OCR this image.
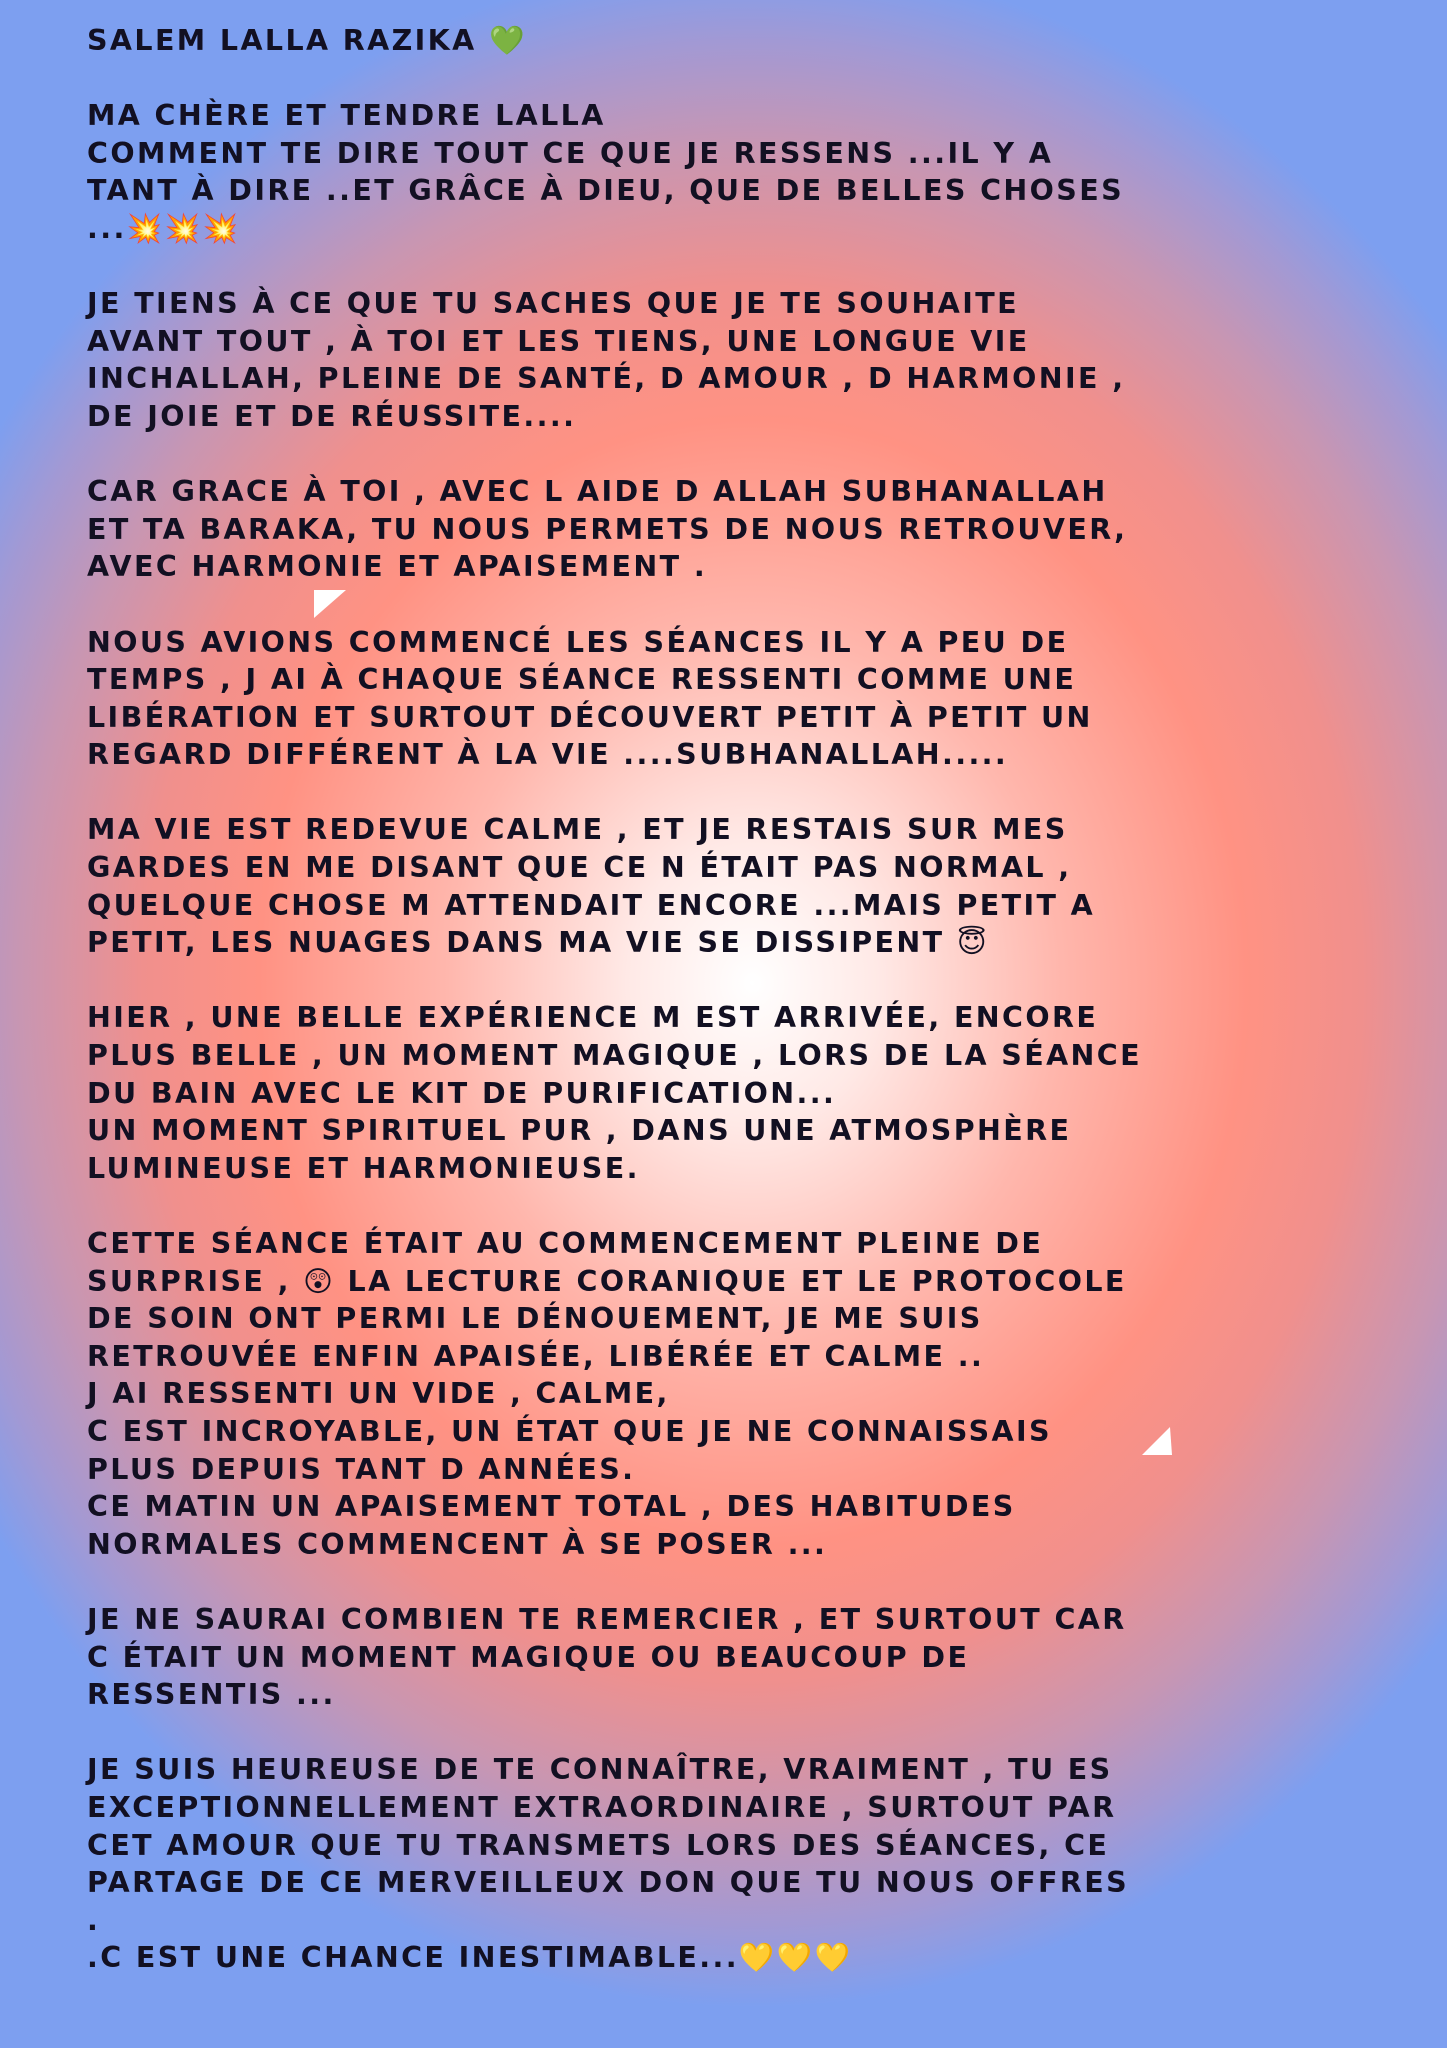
SALEM LALLA RAZIKA 💚
MA CHÈRE ET TENDRE LALLA
COMMENT TE DIRE TOUT CE QUE JE RESSENS ...IL Y A
TANT À DIRE ..ET GRÂCE À DIEU, QUE DE BELLES CHOSES
...💥💥💥
JE TIENS À CE QUE TU SACHES QUE JE TE SOUHAITE
AVANT TOUT , À TOI ET LES TIENS, UNE LONGUE VIE
INCHALLAH, PLEINE DE SANTÉ, D AMOUR , D HARMONIE ,
DE JOIE ET DE RÉUSSITE....
CAR GRACE À TOI , AVEC L AIDE D ALLAH SUBHANALLAH
ET TA BARAKA, TU NOUS PERMETS DE NOUS RETROUVER,
AVEC HARMONIE ET APAISEMENT .
NOUS AVIONS COMMENCÉ LES SÉANCES IL Y A PEU DE
TEMPS , J AI À CHAQUE SÉANCE RESSENTI COMME UNE
LIBÉRATION ET SURTOUT DÉCOUVERT PETIT À PETIT UN
REGARD DIFFÉRENT À LA VIE ....SUBHANALLAH.....
MA VIE EST REDEVUE CALME , ET JE RESTAIS SUR MES
GARDES EN ME DISANT QUE CE N ÉTAIT PAS NORMAL ,
QUELQUE CHOSE M ATTENDAIT ENCORE ...MAIS PETIT A
PETIT, LES NUAGES DANS MA VIE SE DISSIPENT 😇
HIER , UNE BELLE EXPÉRIENCE M EST ARRIVÉE, ENCORE
PLUS BELLE , UN MOMENT MAGIQUE , LORS DE LA SÉANCE
DU BAIN AVEC LE KIT DE PURIFICATION...
UN MOMENT SPIRITUEL PUR , DANS UNE ATMOSPHÈRE
LUMINEUSE ET HARMONIEUSE.
CETTE SÉANCE ÉTAIT AU COMMENCEMENT PLEINE DE
SURPRISE , 😲 LA LECTURE CORANIQUE ET LE PROTOCOLE
DE SOIN ONT PERMI LE DÉNOUEMENT, JE ME SUIS
RETROUVÉE ENFIN APAISÉE, LIBÉRÉE ET CALME ..
J AI RESSENTI UN VIDE , CALME,
C EST INCROYABLE, UN ÉTAT QUE JE NE CONNAISSAIS
PLUS DEPUIS TANT D ANNÉES.
CE MATIN UN APAISEMENT TOTAL , DES HABITUDES
NORMALES COMMENCENT À SE POSER ...
JE NE SAURAI COMBIEN TE REMERCIER , ET SURTOUT CAR
C ÉTAIT UN MOMENT MAGIQUE OU BEAUCOUP DE
RESSENTIS ...
JE SUIS HEUREUSE DE TE CONNAÎTRE, VRAIMENT , TU ES
EXCEPTIONNELLEMENT EXTRAORDINAIRE , SURTOUT PAR
CET AMOUR QUE TU TRANSMETS LORS DES SÉANCES, CE
PARTAGE DE CE MERVEILLEUX DON QUE TU NOUS OFFRES
.
.C EST UNE CHANCE INESTIMABLE...💛💛💛
